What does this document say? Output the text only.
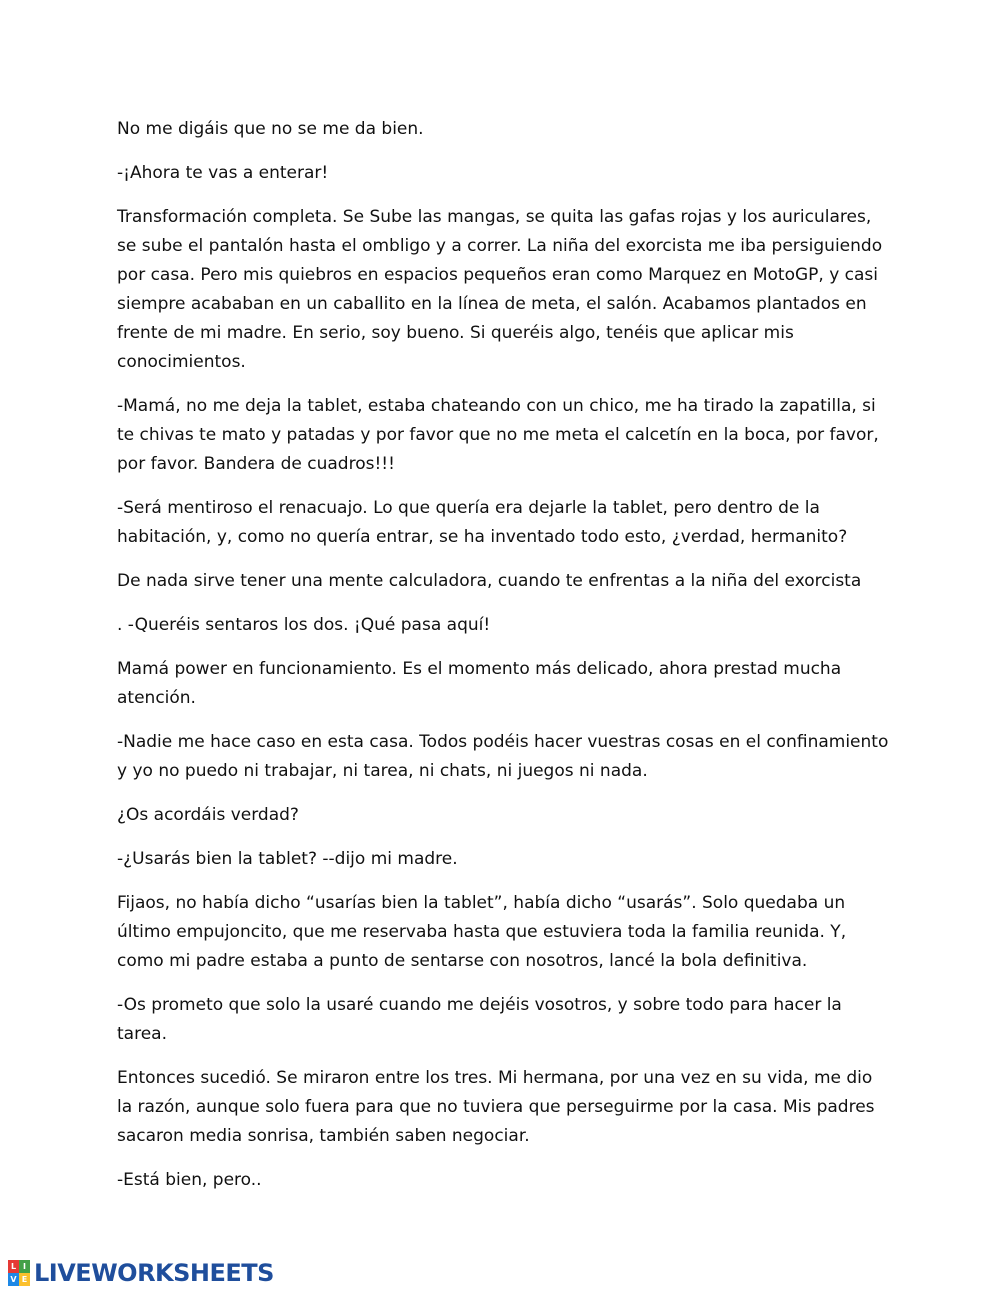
No me digáis que no se me da bien.

-¡Ahora te vas a enterar!

Transformación completa. Se Sube las mangas, se quita las gafas rojas y los auriculares, se sube el pantalón hasta el ombligo y a correr. La niña del exorcista me iba persiguiendo por casa. Pero mis quiebros en espacios pequeños eran como Marquez en MotoGP, y casi siempre acababan en un caballito en la línea de meta, el salón. Acabamos plantados en frente de mi madre. En serio, soy bueno. Si queréis algo, tenéis que aplicar mis conocimientos.

-Mamá, no me deja la tablet, estaba chateando con un chico, me ha tirado la zapatilla, si te chivas te mato y patadas y por favor que no me meta el calcetín en la boca, por favor, por favor. Bandera de cuadros!!!

-Será mentiroso el renacuajo. Lo que quería era dejarle la tablet, pero dentro de la habitación, y, como no quería entrar, se ha inventado todo esto, ¿verdad, hermanito?

De nada sirve tener una mente calculadora, cuando te enfrentas a la niña del exorcista

. -Queréis sentaros los dos. ¡Qué pasa aquí!

Mamá power en funcionamiento. Es el momento más delicado, ahora prestad mucha atención.

-Nadie me hace caso en esta casa. Todos podéis hacer vuestras cosas en el confinamiento y yo no puedo ni trabajar, ni tarea, ni chats, ni juegos ni nada.

¿Os acordáis verdad?

-¿Usarás bien la tablet? --dijo mi madre.

Fijaos, no había dicho “usarías bien la tablet”, había dicho “usarás”. Solo quedaba un último empujoncito, que me reservaba hasta que estuviera toda la familia reunida. Y, como mi padre estaba a punto de sentarse con nosotros, lancé la bola definitiva.

-Os prometo que solo la usaré cuando me dejéis vosotros, y sobre todo para hacer la tarea.

Entonces sucedió. Se miraron entre los tres. Mi hermana, por una vez en su vida, me dio la razón, aunque solo fuera para que no tuviera que perseguirme por la casa. Mis padres sacaron media sonrisa, también saben negociar.

-Está bien, pero..

L I
V E LIVEWORKSHEETS
